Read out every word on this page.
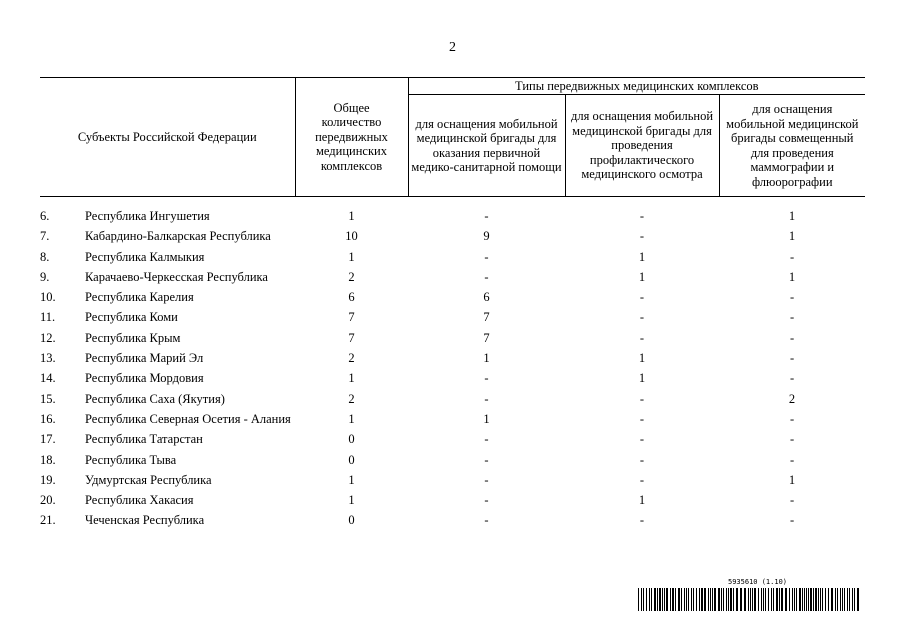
2
Субъекты Российской Федерации		Общее количество передвижных медицинских комплексов	Типы передвижных медицинских комплексов		
			для оснащения мобильной медицинской бригады для оказания первичной медико-санитарной помощи	для оснащения мобильной медицинской бригады для проведения профилактического медицинского осмотра	для оснащения мобильной медицинской бригады совмещенный для проведения маммографии и флюорографии

6.	Республика Ингушетия	1	-	-	1
7.	Кабардино-Балкарская Республика	10	9	-	1
8.	Республика Калмыкия	1	-	1	-
9.	Карачаево-Черкесская Республика	2	-	1	1
10.	Республика Карелия	6	6	-	-
11.	Республика Коми	7	7	-	-
12.	Республика Крым	7	7	-	-
13.	Республика Марий Эл	2	1	1	-
14.	Республика Мордовия	1	-	1	-
15.	Республика Саха (Якутия)	2	-	-	2
16.	Республика Северная Осетия - Алания	1	1	-	-
17.	Республика Татарстан	0	-	-	-
18.	Республика Тыва	0	-	-	-
19.	Удмуртская Республика	1	-	-	1
20.	Республика Хакасия	1	-	1	-
21.	Чеченская Республика	0	-	-	-
5935610 (1.10)
